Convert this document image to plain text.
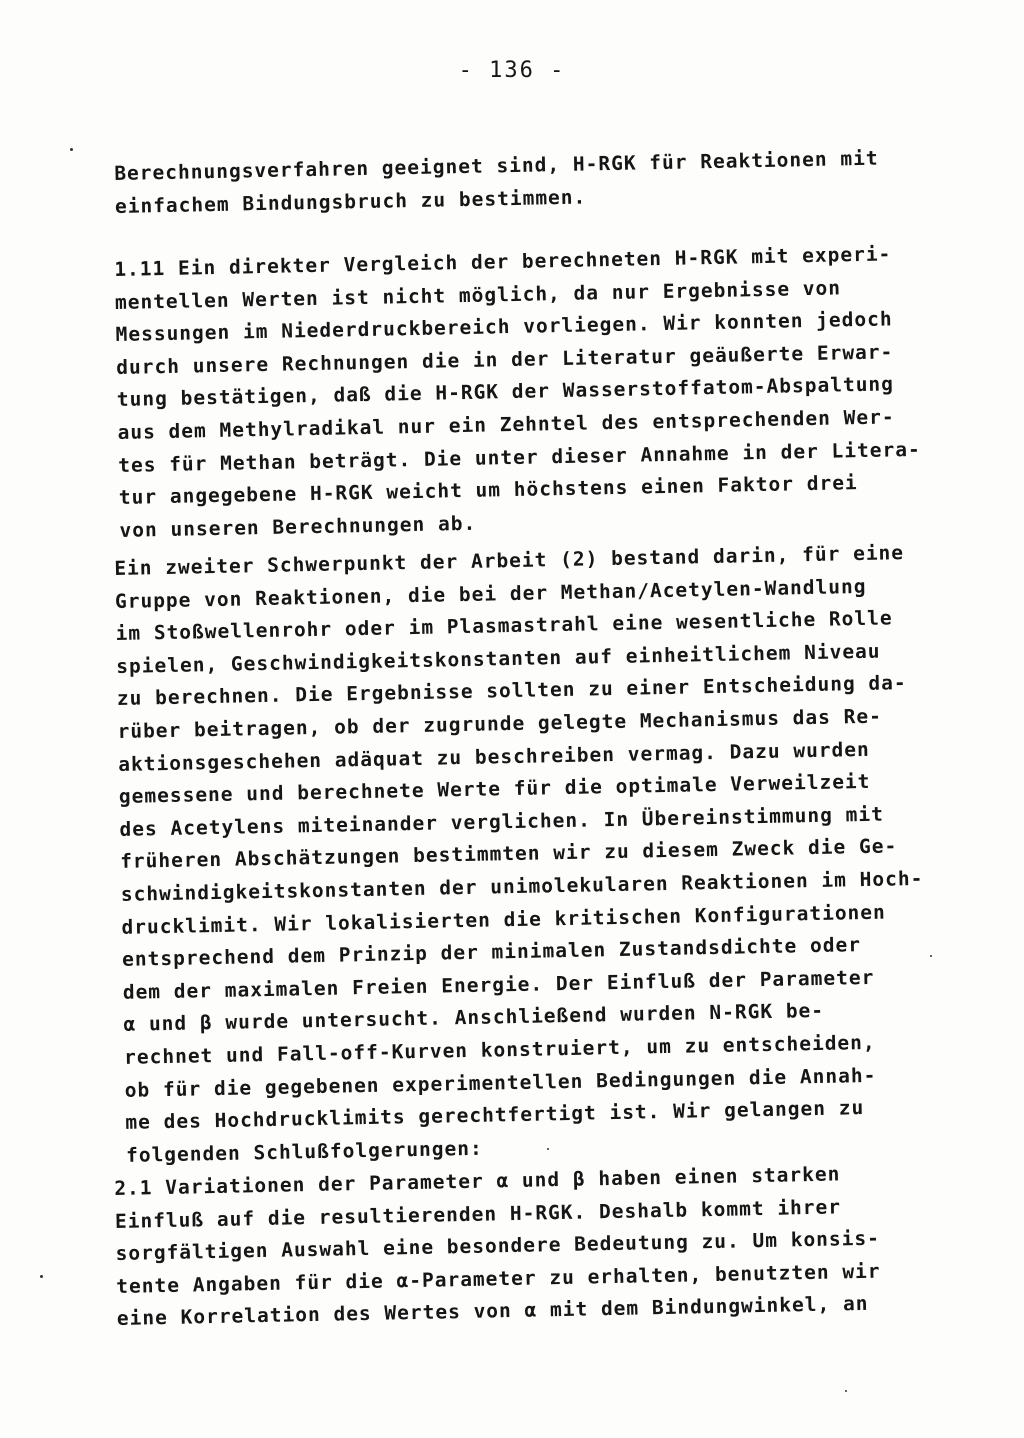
- 136 -
Berechnungsverfahren geeignet sind, H-RGK für Reaktionen mit
einfachem Bindungsbruch zu bestimmen.
1.11 Ein direkter Vergleich der berechneten H-RGK mit experi-
mentellen Werten ist nicht möglich, da nur Ergebnisse von
Messungen im Niederdruckbereich vorliegen. Wir konnten jedoch
durch unsere Rechnungen die in der Literatur geäußerte Erwar-
tung bestätigen, daß die H-RGK der Wasserstoffatom-Abspaltung
aus dem Methylradikal nur ein Zehntel des entsprechenden Wer-
tes für Methan beträgt. Die unter dieser Annahme in der Litera-
tur angegebene H-RGK weicht um höchstens einen Faktor drei
von unseren Berechnungen ab.
Ein zweiter Schwerpunkt der Arbeit (2) bestand darin, für eine
Gruppe von Reaktionen, die bei der Methan/Acetylen-Wandlung
im Stoßwellenrohr oder im Plasmastrahl eine wesentliche Rolle
spielen, Geschwindigkeitskonstanten auf einheitlichem Niveau
zu berechnen. Die Ergebnisse sollten zu einer Entscheidung da-
rüber beitragen, ob der zugrunde gelegte Mechanismus das Re-
aktionsgeschehen adäquat zu beschreiben vermag. Dazu wurden
gemessene und berechnete Werte für die optimale Verweilzeit
des Acetylens miteinander verglichen. In Übereinstimmung mit
früheren Abschätzungen bestimmten wir zu diesem Zweck die Ge-
schwindigkeitskonstanten der unimolekularen Reaktionen im Hoch-
drucklimit. Wir lokalisierten die kritischen Konfigurationen
entsprechend dem Prinzip der minimalen Zustandsdichte oder
dem der maximalen Freien Energie. Der Einfluß der Parameter
α und β wurde untersucht. Anschließend wurden N-RGK be-
rechnet und Fall-off-Kurven konstruiert, um zu entscheiden,
ob für die gegebenen experimentellen Bedingungen die Annah-
me des Hochdrucklimits gerechtfertigt ist. Wir gelangen zu
folgenden Schlußfolgerungen:
2.1 Variationen der Parameter α und β haben einen starken
Einfluß auf die resultierenden H-RGK. Deshalb kommt ihrer
sorgfältigen Auswahl eine besondere Bedeutung zu. Um konsis-
tente Angaben für die α-Parameter zu erhalten, benutzten wir
eine Korrelation des Wertes von α mit dem Bindungwinkel, an
